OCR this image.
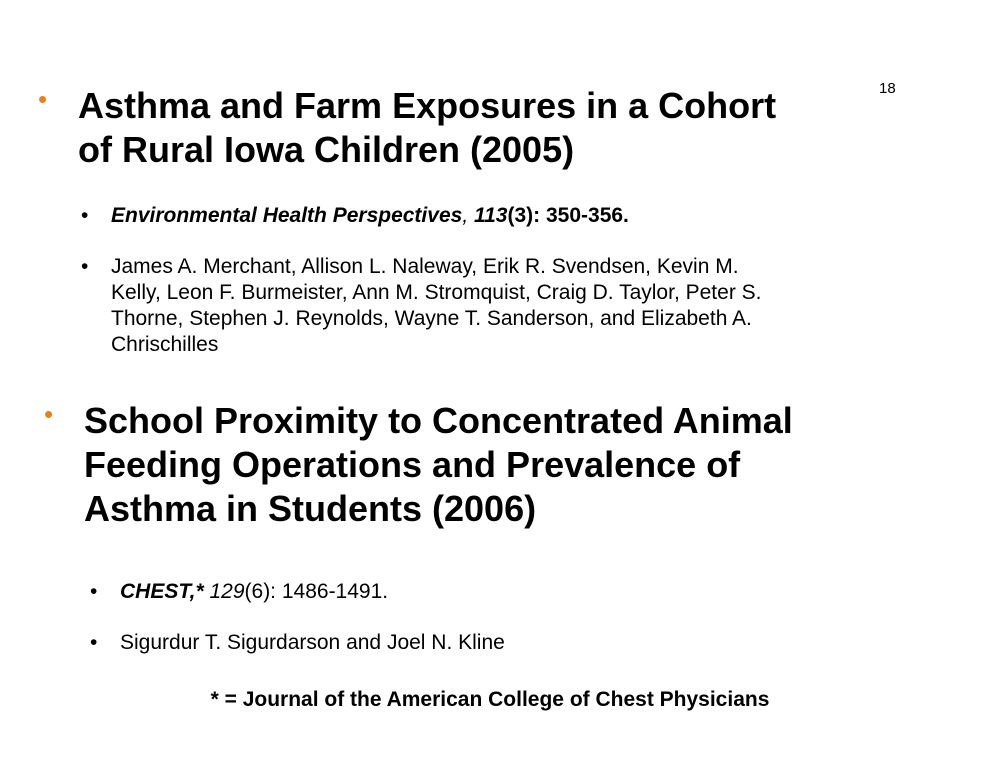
18
• Asthma and Farm Exposures in a Cohort
of Rural Iowa Children (2005)
• Environmental Health Perspectives, 113(3): 350-356.
• James A. Merchant, Allison L. Naleway, Erik R. Svendsen, Kevin M.
Kelly, Leon F. Burmeister, Ann M. Stromquist, Craig D. Taylor, Peter S.
Thorne, Stephen J. Reynolds, Wayne T. Sanderson, and Elizabeth A.
Chrischilles
• School Proximity to Concentrated Animal
Feeding Operations and Prevalence of
Asthma in Students (2006)
• CHEST,* 129(6): 1486-1491.
• Sigurdur T. Sigurdarson and Joel N. Kline
* = Journal of the American College of Chest Physicians
